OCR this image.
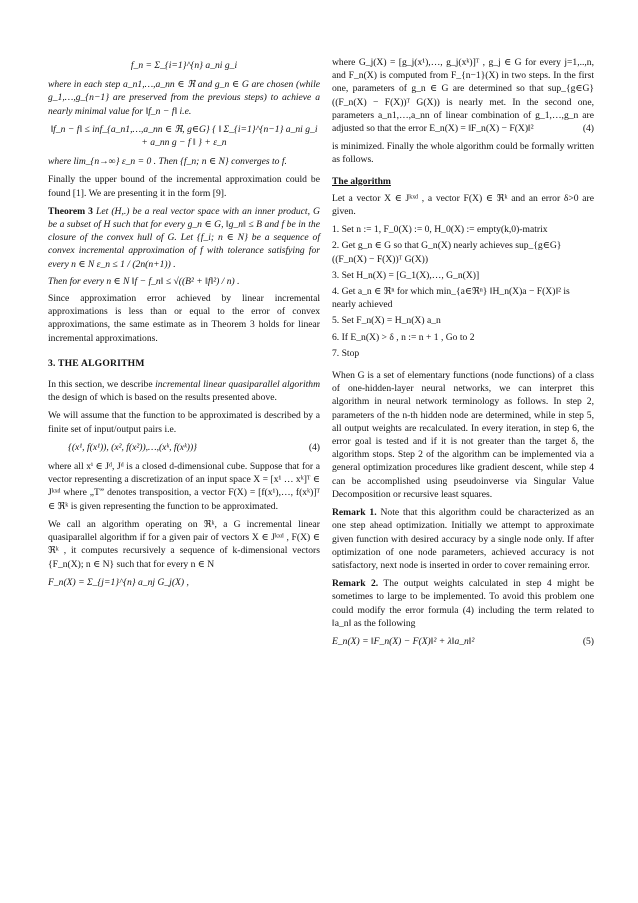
f_n = Σ_{i=1}^{n} a_ni g_i

where in each step a_n1,…,a_nn ∈ ℜ and g_n ∈ G are chosen (while g_1,…,g_{n−1} are preserved from the previous steps) to achieve a nearly minimal value for ‖f_n − f‖ i.e.

‖f_n − f‖ ≤ inf_{a_n1,…,a_nn ∈ ℜ, g∈G} { ‖ Σ_{i=1}^{n−1} a_ni g_i + a_nn g − f ‖ } + ε_n

where lim_{n→∞} ε_n = 0 . Then {f_n; n ∈ N} converges to f.

Finally the upper bound of the incremental approximation could be found [1]. We are presenting it in the form [9].

Theorem 3 Let (H,.) be a real vector space with an inner product, G be a subset of H such that for every g_n ∈ G, ‖g_n‖ ≤ B and f be in the closure of the convex hull of G. Let {f_i; n ∈ N} be a sequence of convex incremental approximation of f with tolerance satisfying for every n ∈ N ε_n ≤ 1 / (2n(n+1)) .

Then for every n ∈ N ‖f − f_n‖ ≤ √((B² + ‖f‖²) / n) .

Since approximation error achieved by linear incremental approximations is less than or equal to the error of convex approximations, the same estimate as in Theorem 3 holds for linear incremental approximations.

3. THE ALGORITHM

In this section, we describe incremental linear quasiparallel algorithm the design of which is based on the results presented above.

We will assume that the function to be approximated is described by a finite set of input/output pairs i.e.

{(x¹, f(x¹)), (x², f(x²)),…,(xᵏ, f(xᵏ))}	(4)

where all xⁱ ∈ Jᵈ, Jᵈ is a closed d-dimensional cube. Suppose that for a vector representing a discretization of an input space X = [x¹ … xᵏ]ᵀ ∈ Jᵏˣᵈ where „T” denotes transposition, a vector F(X) = [f(x¹),…, f(xᵏ)]ᵀ ∈ ℜᵏ is given representing the function to be approximated.

We call an algorithm operating on ℜᵏ, a G incremental linear quasiparallel algorithm if for a given pair of vectors X ∈ Jᵏˣᵈ , F(X) ∈ ℜᵏ , it computes recursively a sequence of k-dimensional vectors {F_n(X); n ∈ N} such that for every n ∈ N

F_n(X) = Σ_{j=1}^{n} a_nj G_j(X) ,

where G_j(X) = [g_j(x¹),…, g_j(xᵏ)]ᵀ , g_j ∈ G for every j=1,..,n, and F_n(X) is computed from F_{n−1}(X) in two steps. In the first one, parameters of g_n ∈ G are determined so that sup_{g∈G}((F_n(X) − F(X))ᵀ G(X)) is nearly met. In the second one, parameters a_n1,…,a_nn of linear combination of g_1,…,g_n are adjusted so that the error E_n(X) = ‖F_n(X) − F(X)‖²	(4)

is minimized. Finally the whole algorithm could be formally written as follows.

The algorithm

Let a vector X ∈ Jᵏˣᵈ , a vector F(X) ∈ ℜᵏ and an error δ>0 are given.

1. Set n := 1, F_0(X) := 0, H_0(X) := empty(k,0)-matrix
2. Get g_n ∈ G so that G_n(X) nearly achieves sup_{g∈G}((F_n(X) − F(X))ᵀ G(X))
3. Set H_n(X) = [G_1(X),…, G_n(X)]
4. Get a_n ∈ ℜⁿ for which min_{a∈ℜⁿ} ‖H_n(X)a − F(X)‖² is nearly achieved
5. Set F_n(X) = H_n(X) a_n
6. If E_n(X) > δ , n := n + 1 , Go to 2
7. Stop

When G is a set of elementary functions (node functions) of a class of one-hidden-layer neural networks, we can interpret this algorithm in neural network terminology as follows. In step 2, parameters of the n-th hidden node are determined, while in step 5, all output weights are recalculated. In every iteration, in step 6, the error goal is tested and if it is not greater than the target δ, the algorithm stops. Step 2 of the algorithm can be implemented via a general optimization procedures like gradient descent, while step 4 can be accomplished using pseudoinverse via Singular Value Decomposition or recursive least squares.

Remark 1. Note that this algorithm could be characterized as an one step ahead optimization. Initially we attempt to approximate given function with desired accuracy by a single node only. If after optimization of one node parameters, achieved accuracy is not satisfactory, next node is inserted in order to cover remaining error.

Remark 2. The output weights calculated in step 4 might be sometimes to large to be implemented. To avoid this problem one could modify the error formula (4) including the term related to ‖a_n‖ as the following

E_n(X) = ‖F_n(X) − F(X)‖² + λ‖a_n‖²	(5)
